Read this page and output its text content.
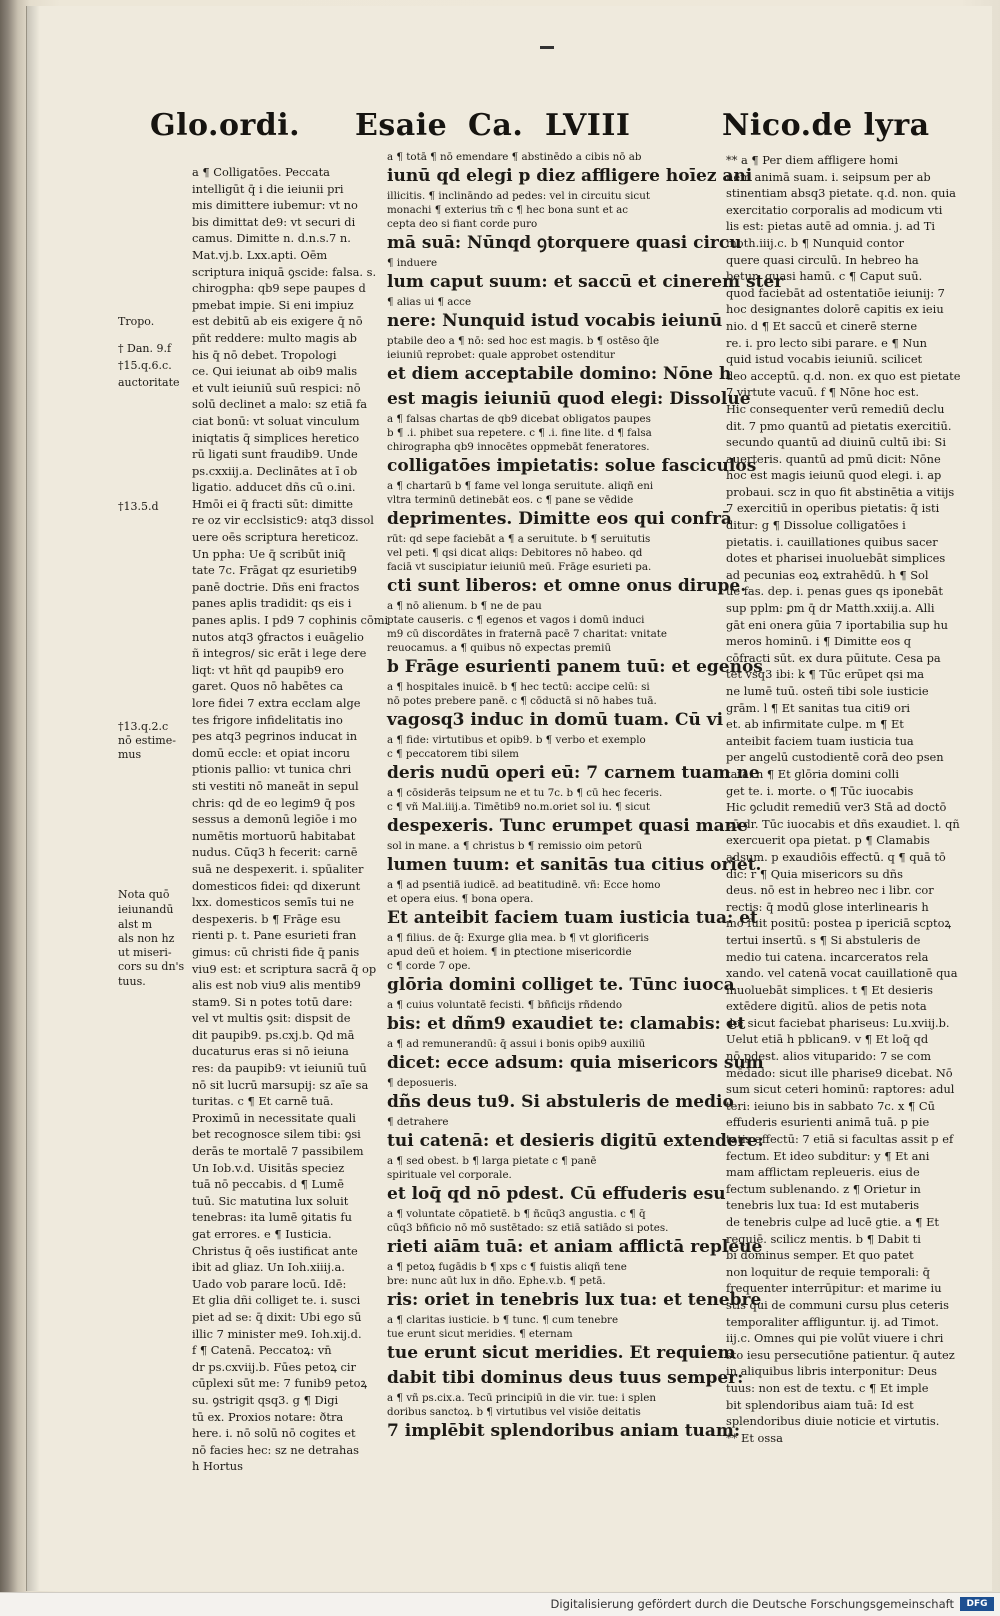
Glo.ordi. Esaie Ca. LVIII	Nico.de lyra

a ¶ Colligatōes. Peccata

intelligūt q̄ i die ieiunii pri

mis dimittere iubemur: vt no

bis dimittat de9: vt securi di

camus. Dimitte n. d.n.s.7 n.

Mat.vj.b. Lxx.apti. Oēm

scriptura iniquā ꝯscide: falsa. s.

chirogpha: qb9 sepe paupes d

pmebat impie. Si eni impiuz

est debitū ab eis exigere q̄ nō

pñt reddere: multo magis ab

his q̄ nō debet. Tropologi

ce. Qui ieiunat ab oib9 malis

et vult ieiuniū suū respici: nō

solū declinet a malo: sz etiā fa

ciat bonū: vt soluat vinculum

iniqtatis q̄ simplices heretico

rū ligati sunt fraudib9. Unde

ps.cxxiij.a. Declinātes at ī ob

ligatio. adducet dñs cū o.ini.

Hmōi ei q̄ fracti sūt: dimitte

re oz vir ecclsistic9: atq3 dissol

uere oēs scriptura hereticoz.

Un ppha: Ue q̄ scribūt iniq̄

tate 7c. Frāgat qz esurietib9

panē doctrie. Dñs eni fractos

panes aplis tradidit: qs eis i

panes aplis. I pd9 7 cophinis cōmi

nutos atq3 ꝯfractos i euāgelio

ñ integros/ sic erāt i lege dere

liqt: vt hñt qd paupib9 ero

garet. Quos nō habētes ca

lore fidei 7 extra ecclam alge

tes frigore infidelitatis ino

pes atq3 pegrinos inducat in

domū eccle: et opiat incoru

ptionis pallio: vt tunica chri

sti vestiti nō maneāt in sepul

chris: qd de eo legim9 q̄ pos

sessus a demonū legiōe i mo

numētis mortuorū habitabat

nudus. Cūq3 h fecerit: carnē

suā ne despexerit. i. spūaliter

domesticos fidei: qd dixerunt

lxx. domesticos semīs tui ne

despexeris. b ¶ Frāge esu

rienti p. t. Pane esurieti fran

gimus: cū christi fide q̄ panis

viu9 est: et scriptura sacrā q̄ op

alis est nob viu9 alis mentib9

stam9. Si n potes totū dare:

vel vt multis ꝯsit: dispsit de

dit paupib9. ps.cxj.b. Qd mā

ducaturus eras si nō ieiuna

res: da paupib9: vt ieiuniū tuū

nō sit lucrū marsupij: sz aīe sa

turitas. c ¶ Et carnē tuā.

Proximū in necessitate quali

bet recognosce silem tibi: ꝯsi

derās te mortalē 7 passibilem

Un Iob.v.d. Uisitās speciez

tuā nō peccabis. d ¶ Lumē

tuū. Sic matutina lux soluit

tenebras: ita lumē ꝯitatis fu

gat errores. e ¶ Iusticia.

Christus q̄ oēs iustificat ante

ibit ad gliaz. Un Ioh.xiiij.a.

Uado vob parare locū. Idē:

Et glia dñi colliget te. i. susci

piet ad se: q̄ dixit: Ubi ego sū

illic 7 minister me9. Ioh.xij.d.

f ¶ Catenā. Peccatoꝝ: vn̄

dr ps.cxviij.b. Fūes petoꝝ cir

cūplexi sūt me: 7 funib9 petoꝝ

su. ꝯstrigit qsq3. g ¶ Digi

tū ex. Proxios notare: ðtra

here. i. nō solū nō cogites et

nō facies hec: sz ne detrahas

h Hortus

a ¶ totā ¶ nō emendare ¶ abstinēdo a cibis nō ab

iunū qd elegi p diez affligere hoīez ani

illicitis. ¶ inclināndo ad pedes: vel in circuitu sicut

monachi ¶ exterius tm̄ c ¶ hec bona sunt et ac

cepta deo si fiant corde puro

mā suā: Nūnqd ꝯtorquere quasi circu

¶ induere

lum caput suum: et saccū et cinerem ster

¶ alias ui ¶ acce

nere: Nunquid istud vocabis ieiunū

ptabile deo a ¶ nō: sed hoc est magis. b ¶ ostēso q̄le

ieiuniū reprobet: quale approbet ostenditur

et diem acceptabile domino: Nōne h

est magis ieiuniū quod elegi: Dissolue

a ¶ falsas chartas de qb9 dicebat obligatos paupes

b ¶ .i. phibet sua repetere. c ¶ .i. fine lite. d ¶ falsa

chirographa qb9 innocētes oppmebāt feneratores.

colligatōes impietatis: solue fasciculos

a ¶ chartarū b ¶ fame vel longa seruitute. aliqñ eni

vltra terminū detinebāt eos. c ¶ pane se vēdide

deprimentes. Dimitte eos qui confrā

rūt: qd sepe faciebāt a ¶ a seruitute. b ¶ seruitutis

vel peti. ¶ qsi dicat aliqs: Debitores nō habeo. qd

faciā vt suscipiatur ieiuniū meū. Frāge esurieti pa.

cti sunt liberos: et omne onus dirupe.

a ¶ nō alienum. b ¶ ne de pau

ptate causeris. c ¶ egenos et vagos i domū induci

m9 cū discordātes in fraternā pacē 7 charitat: vnitate

reuocamus. a ¶ quibus nō expectas premiū

b Frāge esurienti panem tuū: et egenos

a ¶ hospitales inuicē. b ¶ hec tectū: accipe celū: si

nō potes prebere panē. c ¶ cōductā si nō habes tuā.

vagosq3 induc in domū tuam. Cū vi

a ¶ fide: virtutibus et opib9. b ¶ verbo et exemplo

c ¶ peccatorem tibi silem

deris nudū operi eū: 7 carnem tuam ne

a ¶ cōsiderās teipsum ne et tu 7c. b ¶ cū hec feceris.

c ¶ vñ Mal.iiij.a. Timētib9 no.m.oriet sol iu. ¶ sicut

despexeris. Tunc erumpet quasi mane

sol in mane. a ¶ christus b ¶ remissio oim petorū

lumen tuum: et sanitās tua citius oriet.

a ¶ ad psentiā iudicē. ad beatitudinē. vñ: Ecce homo

et opera eius. ¶ bona opera.

Et anteibit faciem tuam iusticia tua: et

a ¶ filius. de q̄: Exurge glia mea. b ¶ vt glorificeris

apud deū et hoiem. ¶ in ꝑtectione misericordie

c ¶ corde 7 ope.

glōria domini colliget te. Tūnc iuoca

a ¶ cuius voluntatē fecisti. ¶ bñficijs rñdendo

bis: et dñm9 exaudiet te: clamabis: et

a ¶ ad remunerandū: q̄ assui i bonis opib9 auxiliū

dicet: ecce adsum: quia misericors sum

¶ deposueris.

dñs deus tu9. Si abstuleris de medio

¶ detrahere

tui catenā: et desieris digitū extendere:

a ¶ sed obest. b ¶ larga pietate c ¶ panē

spirituale vel corporale.

et loq̄ qd nō pdest. Cū effuderis esu

a ¶ voluntate cōpatietē. b ¶ ñcūq3 angustia. c ¶ q̄

cūq3 bñficio nō mō sustētado: sz etiā satiādo si potes.

rieti aiām tuā: et aniam afflictā repleue

a ¶ petoꝝ fugādis b ¶ xps c ¶ fuistis aliqñ tene

bre: nunc aūt lux in dño. Ephe.v.b. ¶ petā.

ris: oriet in tenebris lux tua: et tenebre

a ¶ claritas iusticie. b ¶ tunc. ¶ cum tenebre

tue erunt sicut meridies. ¶ eternam

tue erunt sicut meridies. Et requiem

dabit tibi dominus deus tuus semper:

a ¶ vñ ps.cix.a. Tecū principiū in die vir. tue: i splen

doribus sanctoꝝ. b ¶ virtutibus vel visiōe deitatis

7 implēbit splendoribus aniam tuam:

** a ¶ Per diem affligere homi

nem animā suam. i. seipsum per ab

stinentiam absq3 pietate. q.d. non. quia

exercitatio corporalis ad modicum vti

lis est: pietas autē ad omnia. j. ad Ti

moth.iiij.c. b ¶ Nunquid contor

quere quasi circulū. In hebreo ha

betur: quasi hamū. c ¶ Caput suū.

quod faciebāt ad ostentatiōe ieiunij: 7

hoc designantes dolorē capitis ex ieiu

nio. d ¶ Et saccū et cinerē sterne

re. i. pro lecto sibi parare. e ¶ Nun

quid istud vocabis ieiuniū. scilicet

deo acceptū. q.d. non. ex quo est pietate

7 virtute vacuū. f ¶ Nōne hoc est.

Hic consequenter verū remediū declu

dit. 7 pmo quantū ad pietatis exercitiū.

secundo quantū ad diuinū cultū ibi: Si

auerteris. quantū ad pmū dicit: Nōne

hoc est magis ieiunū quod elegi. i. ap

probaui. scz in quo fit abstinētia a vitijs

7 exercitiū in operibus pietatis: q̄ isti

ditur: g ¶ Dissolue colligatōes i

pietatis. i. cauillationes quibus sacer

dotes et pharisei inuoluebāt simplices

ad pecunias eoꝝ extrahēdū. h ¶ Sol

ue fas. dep. i. penas gues qs iponebāt

sup pplm: ꝑm q̄ dr Matth.xxiij.a. Alli

gāt eni onera gūia 7 iportabilia sup hu

meros hominū. i ¶ Dimitte eos q

cōfracti sūt. ex dura pūitute. Cesa pa

tet vsq3 ibi: k ¶ Tūc erūpet qsi ma

ne lumē tuū. osteñ tibi sole iusticie

grām. l ¶ Et sanitas tua citi9 ori

et. ab infirmitate culpe. m ¶ Et

anteibit faciem tuam iusticia tua

per angelū custodientē corā deo psen

tata. n ¶ Et glōria domini colli

get te. i. morte. o ¶ Tūc iuocabis

Hic ꝯcludit remediū ver3 Stā ad doctō

cū dr. Tūc iuocabis et dñs exaudiet. l. qñ

exercuerit opa pietat. p ¶ Clamabis

adsum. p exaudiōis effectū. q ¶ quā tō

dic: r ¶ Quia misericors su dñs

deus. nō est in hebreo nec i libr. cor

rectis: q̄ modū glose interlinearis h

mo fuit positū: postea p ipericiā scptoꝝ

tertui insertū. s ¶ Si abstuleris de

medio tui catena. incarceratos rela

xando. vel catenā vocat cauillationē qua

inuoluebāt simplices. t ¶ Et desieris

extēdere digitū. alios de petis nota

do: sicut faciebat phariseus: Lu.xviij.b.

Uelut etiā h pblican9. v ¶ Et loq̄ qd

nō pdest. alios vituparido: 7 se com

mēdado: sicut ille pharise9 dicebat. Nō

sum sicut ceteri hominū: raptores: adul

teri: ieiuno bis in sabbato 7c. x ¶ Cū

effuderis esurienti animā tuā. p pie

tatis affectū: 7 etiā si facultas assit p ef

fectum. Et ideo subditur: y ¶ Et ani

mam afflictam repleueris. eius de

fectum sublenando. z ¶ Orietur in

tenebris lux tua: Id est mutaberis

de tenebris culpe ad lucē gtie. a ¶ Et

requiē. scilicz mentis. b ¶ Dabit ti

bi dominus semper. Et quo patet

non loquitur de requie temporali: q̄

frequenter interrūpitur: et marime iu

stis qui de communi cursu plus ceteris

temporaliter affliguntur. ij. ad Timot.

iij.c. Omnes qui pie volūt viuere i chri

sto iesu persecutiōne patientur. q̄ autez

in aliquibus libris interponitur: Deus

tuus: non est de textu. c ¶ Et imple

bit splendoribus aiam tuā: Id est

splendoribus diuie noticie et virtutis.

** Et ossa

Digitalisierung gefördert durch die Deutsche Forschungsgemeinschaft	DFG
Tropo.
† Dan. 9.f
†15.q.6.c.
auctoritate
†13.5.d
†13.q.2.c
nō estime-
mus
Nota quō
ieiunandū
alst m
als non hz
ut miseri-
cors su dn's
tuus.
